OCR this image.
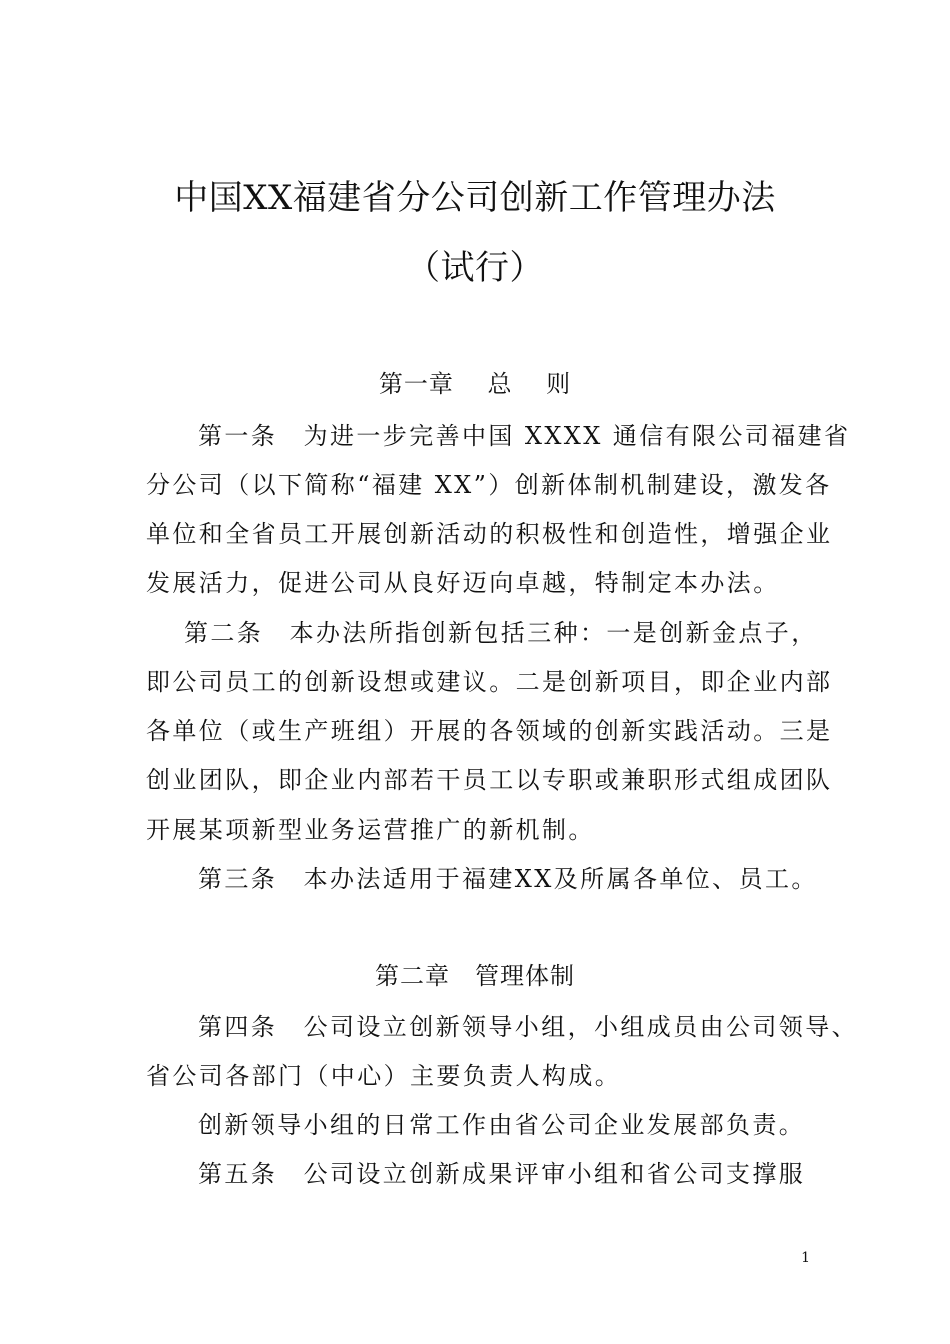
中国XX福建省分公司创新工作管理办法
（试行）
第一章　 总　 则
第一条　为进一步完善中国 XXXX 通信有限公司福建省
分公司（以下简称“福建 XX”）创新体制机制建设，激发各
单位和全省员工开展创新活动的积极性和创造性，增强企业
发展活力，促进公司从良好迈向卓越，特制定本办法。
第二条　本办法所指创新包括三种：一是创新金点子，
即公司员工的创新设想或建议。二是创新项目，即企业内部
各单位（或生产班组）开展的各领域的创新实践活动。三是
创业团队，即企业内部若干员工以专职或兼职形式组成团队
开展某项新型业务运营推广的新机制。
第三条　本办法适用于福建XX及所属各单位、员工。
第二章　管理体制
第四条　公司设立创新领导小组，小组成员由公司领导、
省公司各部门（中心）主要负责人构成。
创新领导小组的日常工作由省公司企业发展部负责。
第五条　公司设立创新成果评审小组和省公司支撑服
1
